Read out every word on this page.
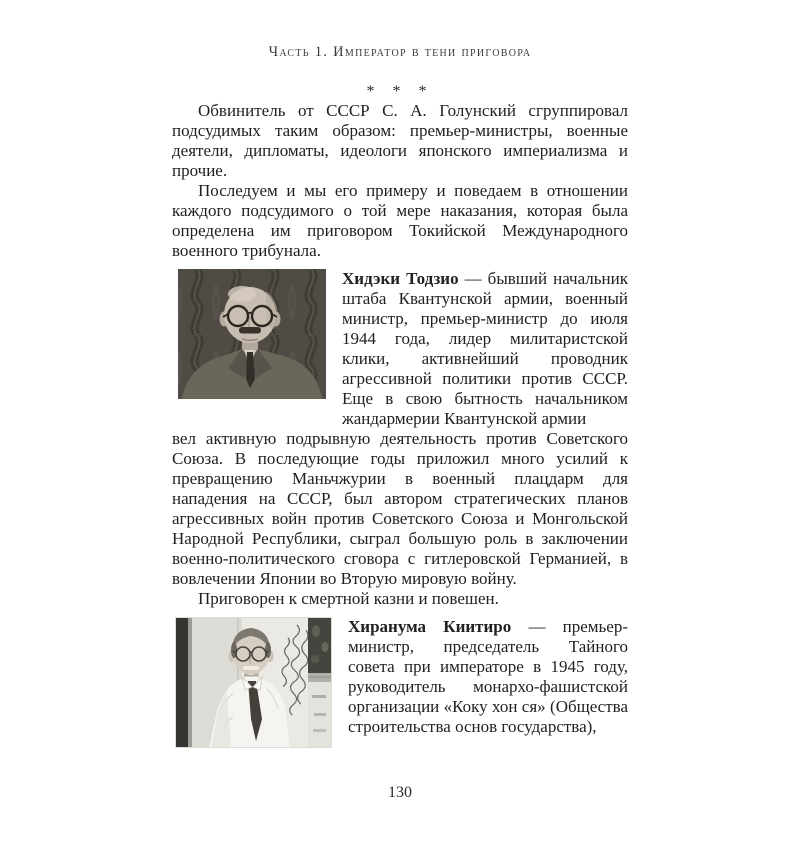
Часть 1. Император в тени приговора
* * *

Обвинитель от СССР С. А. Голунский сгруппировал подсудимых таким образом: премьер-министры, военные деятели, дипломаты, идеологи японского империализма и прочие.

Последуем и мы его примеру и поведаем в отношении каждого подсудимого о той мере наказания, которая была определена им приговором Токийской Международного военного трибунала.

Хидэки Тодзио — бывший начальник штаба Квантунской армии, военный министр, премьер-министр до июля 1944 года, лидер милитаристской клики, активнейший проводник агрессивной политики против СССР. Еще в свою бытность начальником жандармерии Квантунской армии

вел активную подрывную деятельность против Советского Союза. В последующие годы приложил много усилий к превращению Маньчжурии в военный плацдарм для нападения на СССР, был автором стратегических планов агрессивных войн против Советского Союза и Монгольской Народной Республики, сыграл большую роль в заключении военно-политического сговора с гитлеровской Германией, в вовлечении Японии во Вторую мировую войну.

Приговорен к смертной казни и повешен.

Хиранума Киитиро — премьер-министр, председатель Тайного совета при императоре в 1945 году, руководитель монархо-фашистской организации «Коку хон ся» (Общества строительства основ государства),

130
